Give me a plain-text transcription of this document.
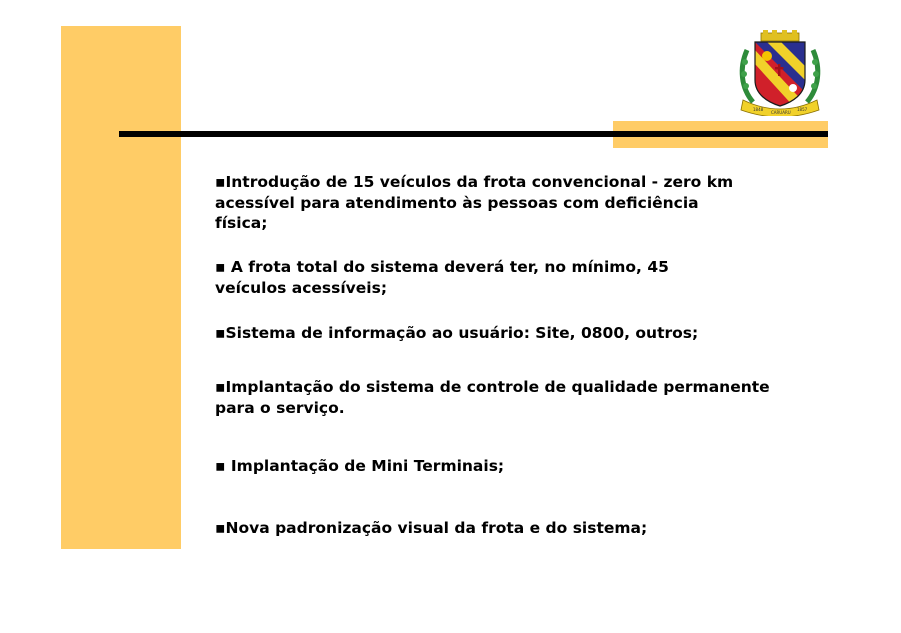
1848
CARUARU
1857
▪Introdução de 15 veículos da frota convencional - zero km
acessível para atendimento às pessoas com deficiência
física;
▪ A frota total do sistema deverá ter, no mínimo, 45
veículos acessíveis;
▪Sistema de informação ao usuário: Site, 0800, outros;
▪Implantação do sistema de controle de qualidade permanente
para o serviço.
▪ Implantação de Mini Terminais;
▪Nova padronização visual da frota e do sistema;
